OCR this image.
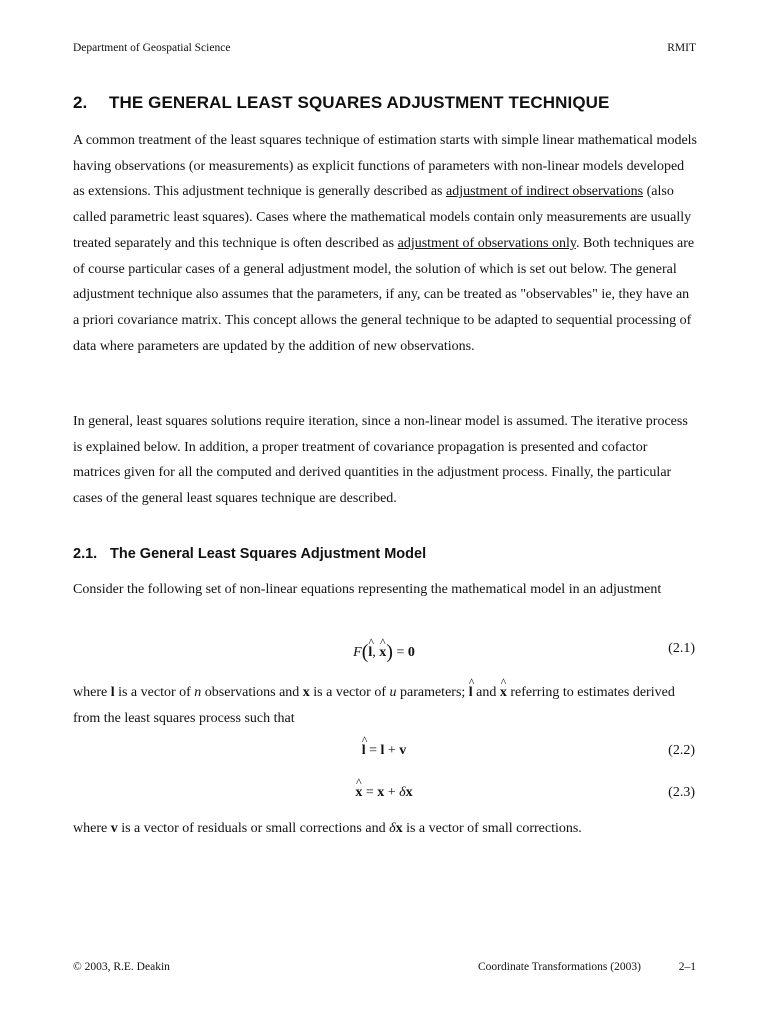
Department of Geospatial Science	RMIT
2. THE GENERAL LEAST SQUARES ADJUSTMENT TECHNIQUE
A common treatment of the least squares technique of estimation starts with simple linear mathematical models having observations (or measurements) as explicit functions of parameters with non-linear models developed as extensions. This adjustment technique is generally described as adjustment of indirect observations (also called parametric least squares). Cases where the mathematical models contain only measurements are usually treated separately and this technique is often described as adjustment of observations only. Both techniques are of course particular cases of a general adjustment model, the solution of which is set out below. The general adjustment technique also assumes that the parameters, if any, can be treated as "observables" ie, they have an a priori covariance matrix. This concept allows the general technique to be adapted to sequential processing of data where parameters are updated by the addition of new observations.
In general, least squares solutions require iteration, since a non-linear model is assumed. The iterative process is explained below. In addition, a proper treatment of covariance propagation is presented and cofactor matrices given for all the computed and derived quantities in the adjustment process. Finally, the particular cases of the general least squares technique are described.
2.1. The General Least Squares Adjustment Model
Consider the following set of non-linear equations representing the mathematical model in an adjustment
F(^ l, ^ x) = 0	(2.1)
where l is a vector of n observations and x is a vector of u parameters; ^ l and ^ x referring to estimates derived from the least squares process such that
^ l = l + v	(2.2)
^ x = x + δx	(2.3)
where v is a vector of residuals or small corrections and δx is a vector of small corrections.
© 2003, R.E. Deakin	Coordinate Transformations (2003)	2–1
